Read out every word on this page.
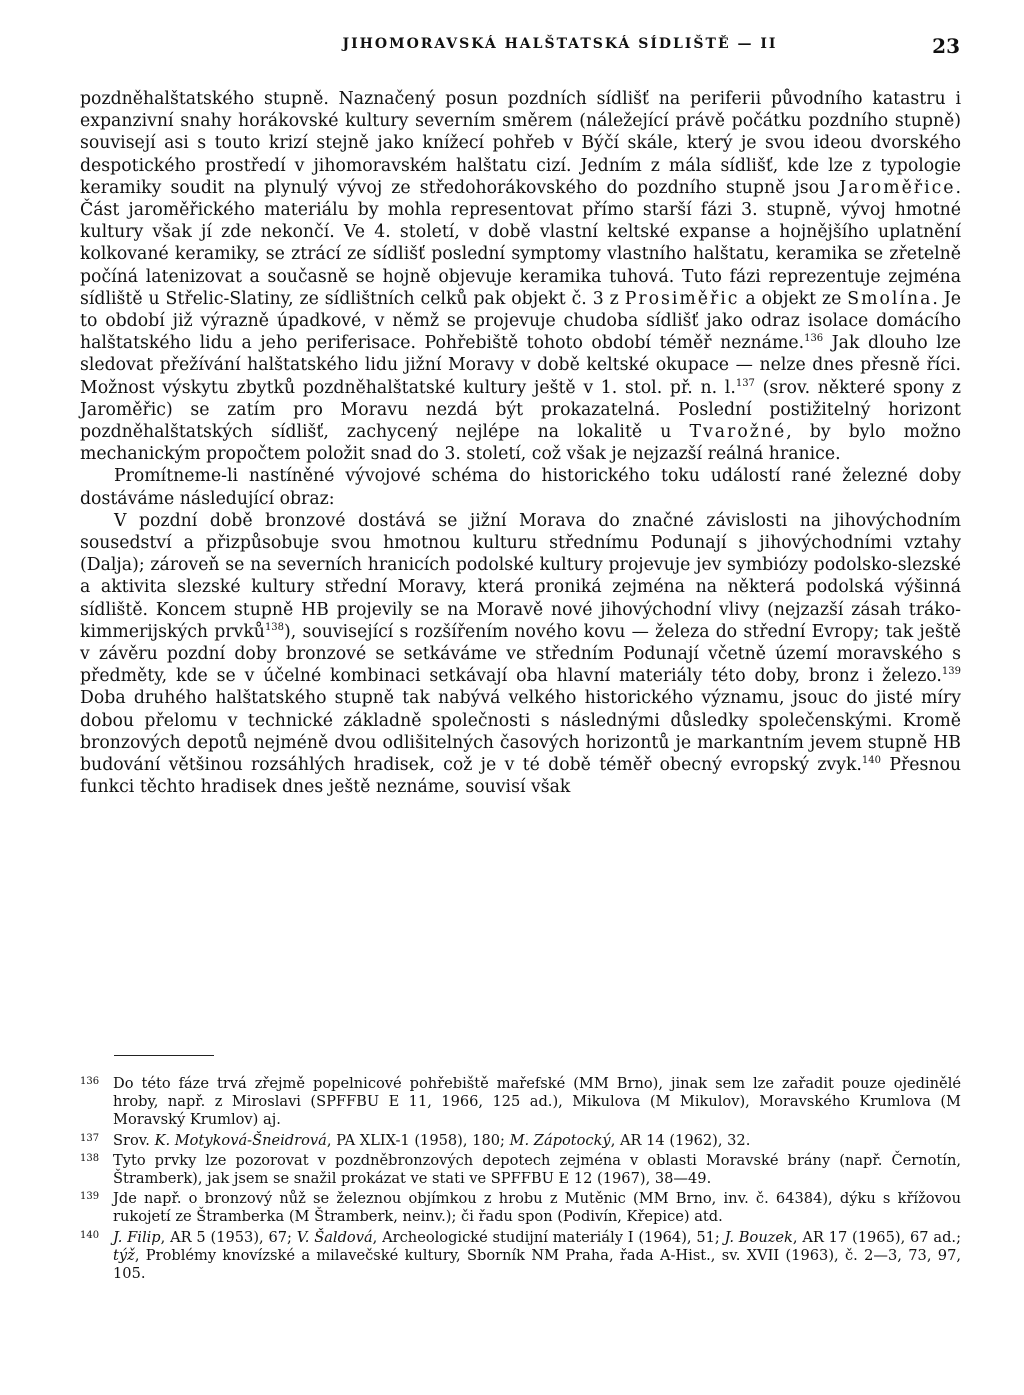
JIHOMORAVSKÁ HALŠTATSKÁ SÍDLIŠTĚ — II	23

pozdněhalštatského stupně. Naznačený posun pozdních sídlišť na periferii původního katastru i expanzivní snahy horákovské kultury severním směrem (náležející právě počátku pozdního stupně) souvisejí asi s touto krizí stejně jako knížecí pohřeb v Býčí skále, který je svou ideou dvorského despotického prostředí v jihomoravském halštatu cizí. Jedním z mála sídlišť, kde lze z typologie keramiky soudit na plynulý vývoj ze středohorákovského do pozdního stupně jsou Jaroměřice. Část jaroměřického materiálu by mohla representovat přímo starší fázi 3. stupně, vývoj hmotné kultury však jí zde nekončí. Ve 4. století, v době vlastní keltské expanse a hojnějšího uplatnění kolkované keramiky, se ztrácí ze sídlišť poslední symptomy vlastního halštatu, keramika se zřetelně počíná latenizovat a současně se hojně objevuje keramika tuhová. Tuto fázi reprezentuje zejména sídliště u Střelic-Slatiny, ze sídlištních celků pak objekt č. 3 z Prosiměřic a objekt ze Smolína. Je to období již výrazně úpadkové, v němž se projevuje chudoba sídlišť jako odraz isolace domácího halštatského lidu a jeho periferisace. Pohřebiště tohoto období téměř neznáme.$^{136}$ Jak dlouho lze sledovat přežívání halštatského lidu jižní Moravy v době keltské okupace — nelze dnes přesně říci. Možnost výskytu zbytků pozdněhalštatské kultury ještě v 1. stol. př. n. l.$^{137}$ (srov. některé spony z Jaroměřic) se zatím pro Moravu nezdá být prokazatelná. Poslední postižitelný horizont pozdněhalštatských sídlišť, zachycený nejlépe na lokalitě u Tvarožné, by bylo možno mechanickým propočtem položit snad do 3. století, což však je nejzazší reálná hranice.

Promítneme-li nastíněné vývojové schéma do historického toku událostí rané železné doby dostáváme následující obraz:

V pozdní době bronzové dostává se jižní Morava do značné závislosti na jihovýchodním sousedství a přizpůsobuje svou hmotnou kulturu střednímu Podunají s jihovýchodními vztahy (Dalja); zároveň se na severních hranicích podolské kultury projevuje jev symbiózy podolsko-slezské a aktivita slezské kultury střední Moravy, která proniká zejména na některá podolská výšinná sídliště. Koncem stupně HB projevily se na Moravě nové jihovýchodní vlivy (nejzazší zásah tráko-kimmerijských prvků$^{138}$), související s rozšířením nového kovu — železa do střední Evropy; tak ještě v závěru pozdní doby bronzové se setkáváme ve středním Podunají včetně území moravského s předměty, kde se v účelné kombinaci setkávají oba hlavní materiály této doby, bronz i železo.$^{139}$ Doba druhého halštatského stupně tak nabývá velkého historického významu, jsouc do jisté míry dobou přelomu v technické základně společnosti s následnými důsledky společenskými. Kromě bronzových depotů nejméně dvou odlišitelných časových horizontů je markantním jevem stupně HB budování většinou rozsáhlých hradisek, což je v té době téměř obecný evropský zvyk.$^{140}$ Přesnou funkci těchto hradisek dnes ještě neznáme, souvisí však

136 Do této fáze trvá zřejmě popelnicové pohřebiště mařefské (MM Brno), jinak sem lze zařadit pouze ojedinělé hroby, např. z Miroslavi (SPFFBU E 11, 1966, 125 ad.), Mikulova (M Mikulov), Moravského Krumlova (M Moravský Krumlov) aj.
137 Srov. K. Motyková-Šneidrová, PA XLIX-1 (1958), 180; M. Zápotocký, AR 14 (1962), 32.
138 Tyto prvky lze pozorovat v pozdněbronzových depotech zejména v oblasti Moravské brány (např. Černotín, Štramberk), jak jsem se snažil prokázat ve stati ve SPFFBU E 12 (1967), 38—49.
139 Jde např. o bronzový nůž se železnou objímkou z hrobu z Mutěnic (MM Brno, inv. č. 64384), dýku s křížovou rukojetí ze Štramberka (M Štramberk, neinv.); či řadu spon (Podivín, Křepice) atd.
140 J. Filip, AR 5 (1953), 67; V. Šaldová, Archeologické studijní materiály I (1964), 51; J. Bouzek, AR 17 (1965), 67 ad.; týž, Problémy knovízské a milavečské kultury, Sborník NM Praha, řada A-Hist., sv. XVII (1963), č. 2—3, 73, 97, 105.
